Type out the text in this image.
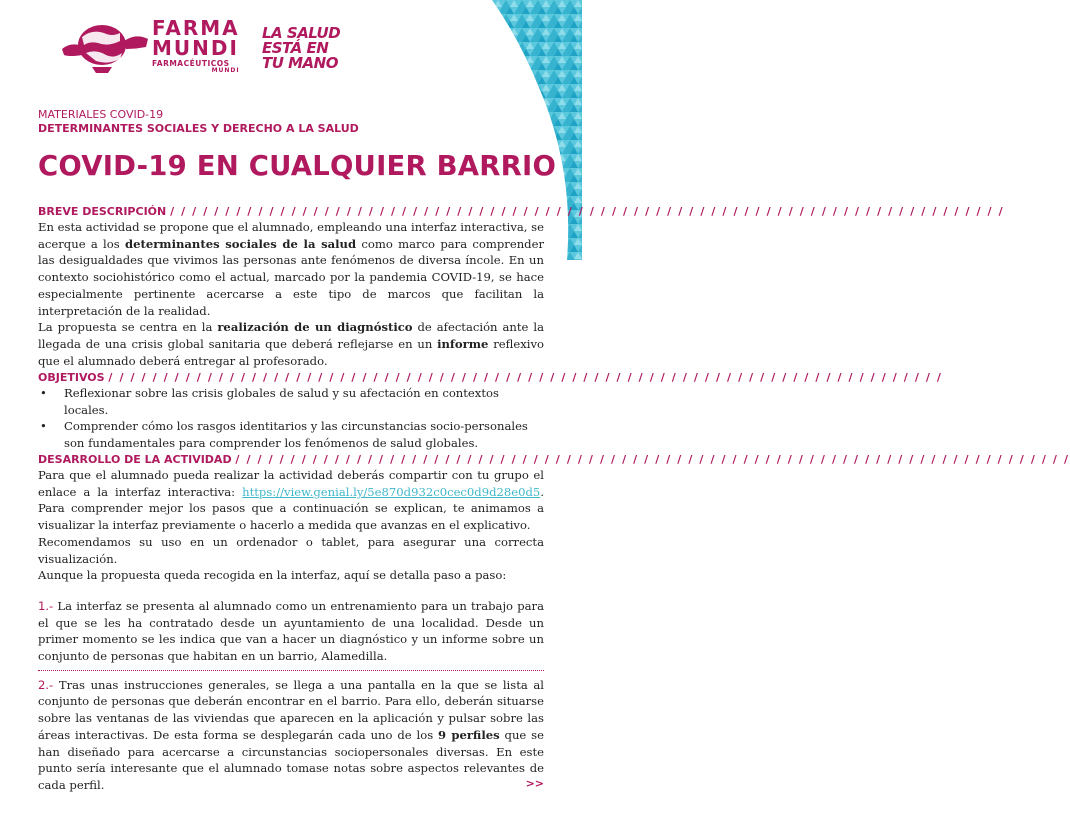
FARMA
MUNDI
FARMACÉUTICOS
MUNDI
LA SALUD
ESTÁ EN
TU MANO
MATERIALES COVID-19
DETERMINANTES SOCIALES Y DERECHO A LA SALUD
COVID-19 EN CUALQUIER BARRIO
BREVE DESCRIPCIÓN / / / / / / / / / / / / / / / / / / / / / / / / / / / / / / / / / / / / / / / / / / / / / / / / / / / / / / / / / / / / / / / / / / / / / / / / / / / /

En esta actividad se propone que el alumnado, empleando una interfaz interactiva, se acerque a los determinantes sociales de la salud como marco para comprender las desigualdades que vivimos las personas ante fenómenos de diversa íncole. En un contexto sociohistórico como el actual, marcado por la pandemia COVID-19, se hace especialmente pertinente acercarse a este tipo de marcos que facilitan la interpretación de la realidad.

La propuesta se centra en la realización de un diagnóstico de afectación ante la llegada de una crisis global sanitaria que deberá reflejarse en un informe reflexivo que el alumnado deberá entregar al profesorado.

OBJETIVOS / / / / / / / / / / / / / / / / / / / / / / / / / / / / / / / / / / / / / / / / / / / / / / / / / / / / / / / / / / / / / / / / / / / / / / / / / / / /
• Reflexionar sobre las crisis globales de salud y su afectación en contextos locales.
• Comprender cómo los rasgos identitarios y las circunstancias socio-personales son fundamentales para comprender los fenómenos de salud globales.
DESARROLLO DE LA ACTIVIDAD / / / / / / / / / / / / / / / / / / / / / / / / / / / / / / / / / / / / / / / / / / / / / / / / / / / / / / / / / / / / / / / / / / / / / / / / / / / /

Para que el alumnado pueda realizar la actividad deberás compartir con tu grupo el enlace a la interfaz interactiva: https://view.genial.ly/5e870d932c0cec0d9d28e0d5. Para comprender mejor los pasos que a continuación se explican, te animamos a visualizar la interfaz previamente o hacerlo a medida que avanzas en el explicativo.

Recomendamos su uso en un ordenador o tablet, para asegurar una correcta visualización.

Aunque la propuesta queda recogida en la interfaz, aquí se detalla paso a paso:

1.- La interfaz se presenta al alumnado como un entrenamiento para un trabajo para el que se les ha contratado desde un ayuntamiento de una localidad. Desde un primer momento se les indica que van a hacer un diagnóstico y un informe sobre un conjunto de personas que habitan en un barrio, Alamedilla.

2.- Tras unas instrucciones generales, se llega a una pantalla en la que se lista al conjunto de personas que deberán encontrar en el barrio. Para ello, deberán situarse sobre las ventanas de las viviendas que aparecen en la aplicación y pulsar sobre las áreas interactivas. De esta forma se desplegarán cada uno de los 9 perfiles que se han diseñado para acercarse a circunstancias sociopersonales diversas. En este punto sería interesante que el alumnado tomase notas sobre aspectos relevantes de cada perfil.	>>
